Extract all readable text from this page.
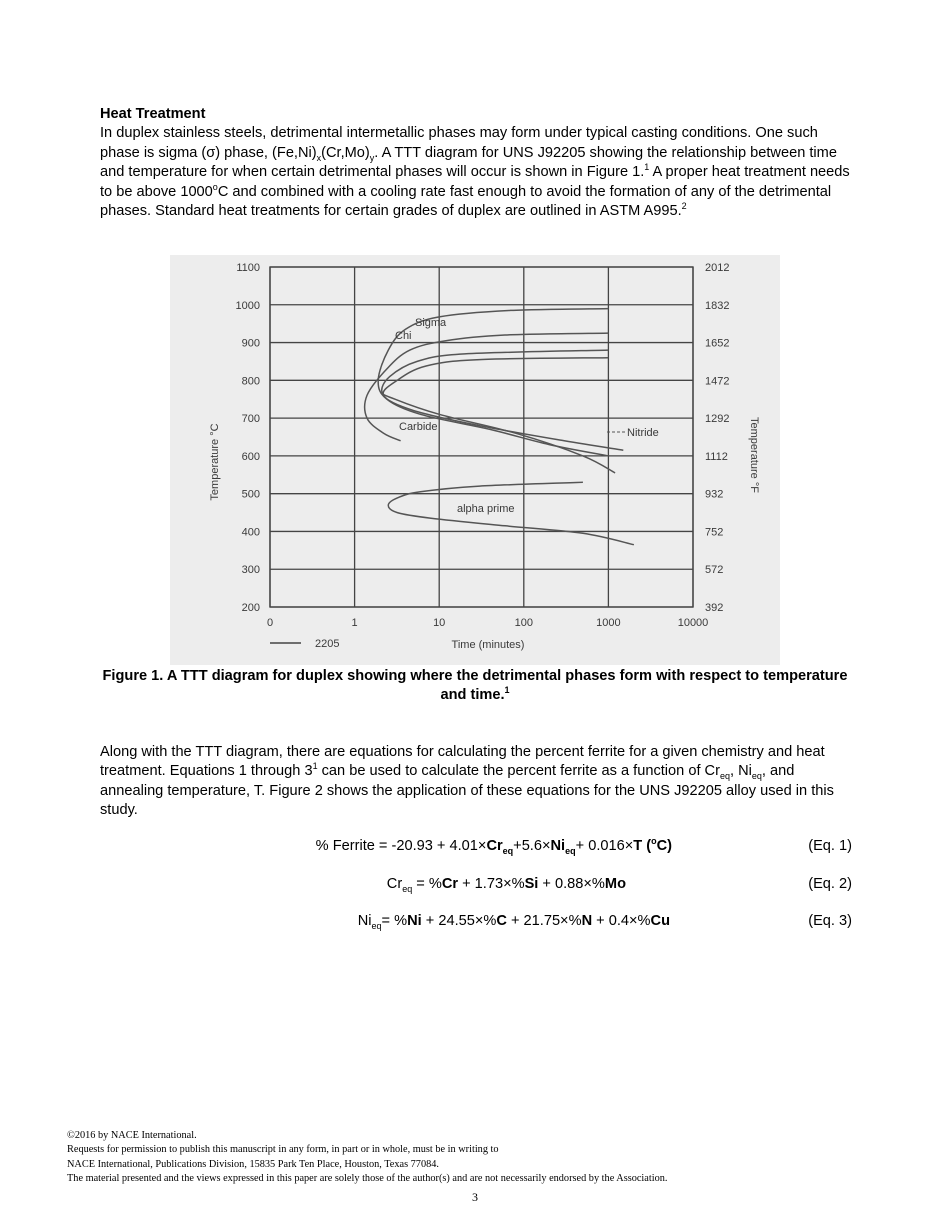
Heat Treatment
In duplex stainless steels, detrimental intermetallic phases may form under typical casting conditions. One such phase is sigma (σ) phase, $(Fe,Ni)_x(Cr,Mo)_y$. A TTT diagram for UNS J92205 showing the relationship between time and temperature for when certain detrimental phases will occur is shown in Figure 1.$^1$ A proper heat treatment needs to be above 1000$^o$C and combined with a cooling rate fast enough to avoid the formation of any of the detrimental phases. Standard heat treatments for certain grades of duplex are outlined in ASTM A995.$^2$

1100	2012
1000	1832
900	1652
800	1472
700	1292
600	1112
500	932
400	752
300	572
200	392
0	1	10	100	1000	10000
Temperature °C	Temperature °F
Time (minutes)
2205
Sigma
Chi
Carbide	Nitride
alpha prime

Figure 1. A TTT diagram for duplex showing where the detrimental phases form with respect to temperature and time.$^1$

Along with the TTT diagram, there are equations for calculating the percent ferrite for a given chemistry and heat treatment. Equations 1 through $3^1$ can be used to calculate the percent ferrite as a function of $Cr_{eq}$, $Ni_{eq}$, and annealing temperature, T. Figure 2 shows the application of these equations for the UNS J92205 alloy used in this study.

% Ferrite = $-20.93 + 4.01\times Cr_{eq}+5.6\times Ni_{eq}+ 0.016\times T$ ($^o$C)	(Eq. 1)
$Cr_{eq} = \%Cr + 1.73\times\%Si + 0.88\times\%Mo$	(Eq. 2)
$Ni_{eq}= \%Ni + 24.55\times\%C + 21.75\times\%N + 0.4\times\%Cu$	(Eq. 3)
©2016 by NACE International.
Requests for permission to publish this manuscript in any form, in part or in whole, must be in writing to
NACE International, Publications Division, 15835 Park Ten Place, Houston, Texas 77084.
The material presented and the views expressed in this paper are solely those of the author(s) and are not necessarily endorsed by the Association.
3
